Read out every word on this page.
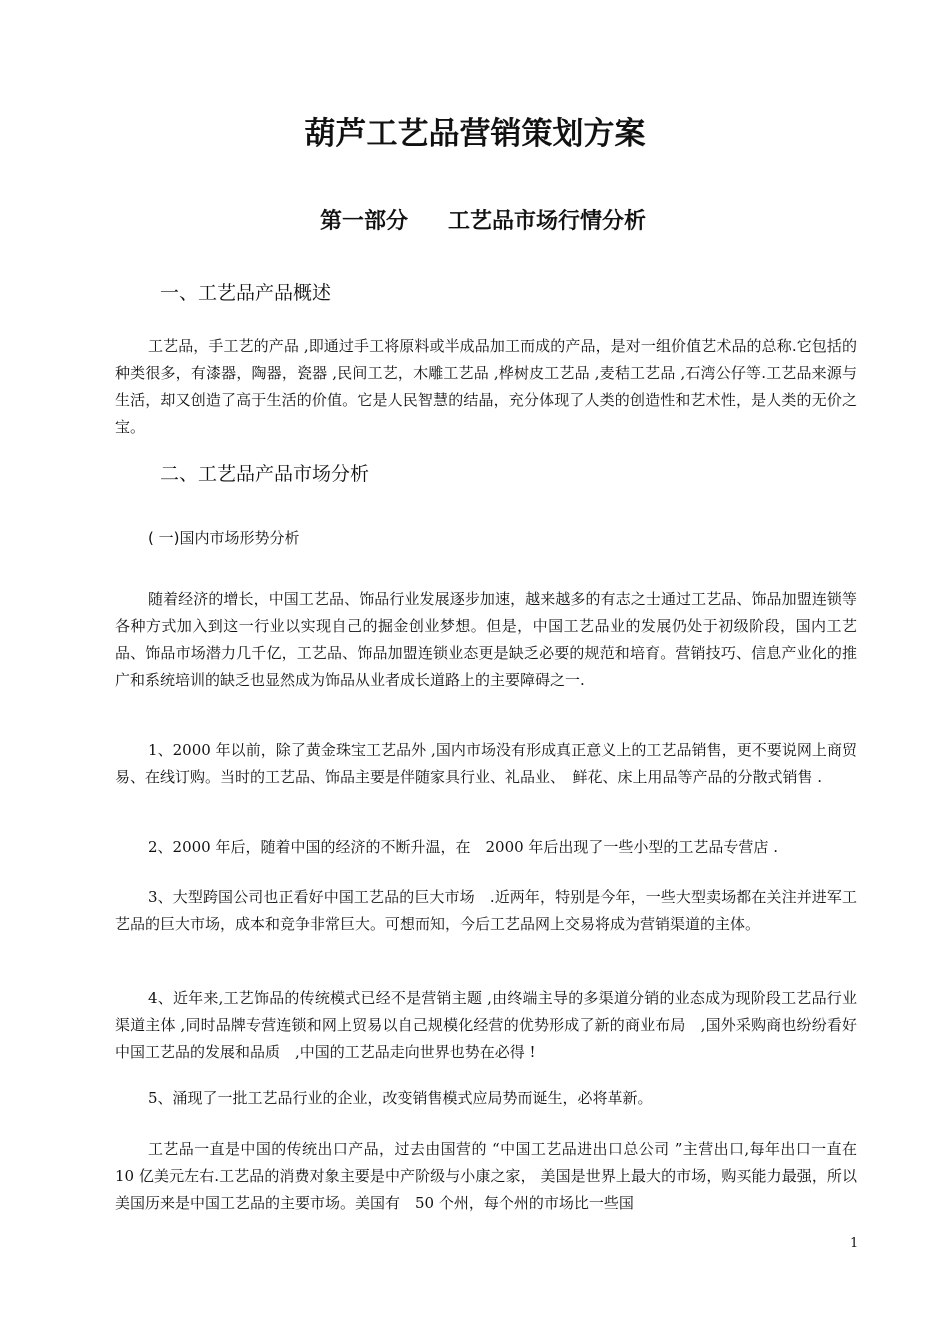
葫芦工艺品营销策划方案
第一部分 工艺品市场行情分析
一、工艺品产品概述

工艺品，手工艺的产品 ,即通过手工将原料或半成品加工而成的产品，是对一组价值艺术品的总称.它包括的种类很多，有漆器，陶器，瓷器 ,民间工艺，木雕工艺品 ,桦树皮工艺品 ,麦秸工艺品 ,石湾公仔等.工艺品来源与生活，却又创造了高于生活的价值。它是人民智慧的结晶，充分体现了人类的创造性和艺术性，是人类的无价之宝。

二、工艺品产品市场分析
( 一)国内市场形势分析

随着经济的增长，中国工艺品、饰品行业发展逐步加速，越来越多的有志之士通过工艺品、饰品加盟连锁等各种方式加入到这一行业以实现自己的掘金创业梦想。但是，中国工艺品业的发展仍处于初级阶段，国内工艺品、饰品市场潜力几千亿，工艺品、饰品加盟连锁业态更是缺乏必要的规范和培育。营销技巧、信息产业化的推广和系统培训的缺乏也显然成为饰品从业者成长道路上的主要障碍之一.

1、2000 年以前，除了黄金珠宝工艺品外 ,国内市场没有形成真正意义上的工艺品销售，更不要说网上商贸易、在线订购。当时的工艺品、饰品主要是伴随家具行业、礼品业、　鲜花、床上用品等产品的分散式销售 .

2、2000 年后，随着中国的经济的不断升温，在　2000 年后出现了一些小型的工艺品专营店 .

3、大型跨国公司也正看好中国工艺品的巨大市场　.近两年，特别是今年，一些大型卖场都在关注并进军工艺品的巨大市场，成本和竞争非常巨大。可想而知，今后工艺品网上交易将成为营销渠道的主体。

4、近年来,工艺饰品的传统模式已经不是营销主题 ,由终端主导的多渠道分销的业态成为现阶段工艺品行业渠道主体 ,同时品牌专营连锁和网上贸易以自己规模化经营的优势形成了新的商业布局　,国外采购商也纷纷看好中国工艺品的发展和品质　,中国的工艺品走向世界也势在必得 !

5、涌现了一批工艺品行业的企业，改变销售模式应局势而诞生，必将革新。

工艺品一直是中国的传统出口产品，过去由国营的 “中国工艺品进出口总公司 ”主营出口,每年出口一直在 10 亿美元左右.工艺品的消费对象主要是中产阶级与小康之家， 美国是世界上最大的市场，购买能力最强，所以美国历来是中国工艺品的主要市场。美国有　50 个州，每个州的市场比一些国

1
